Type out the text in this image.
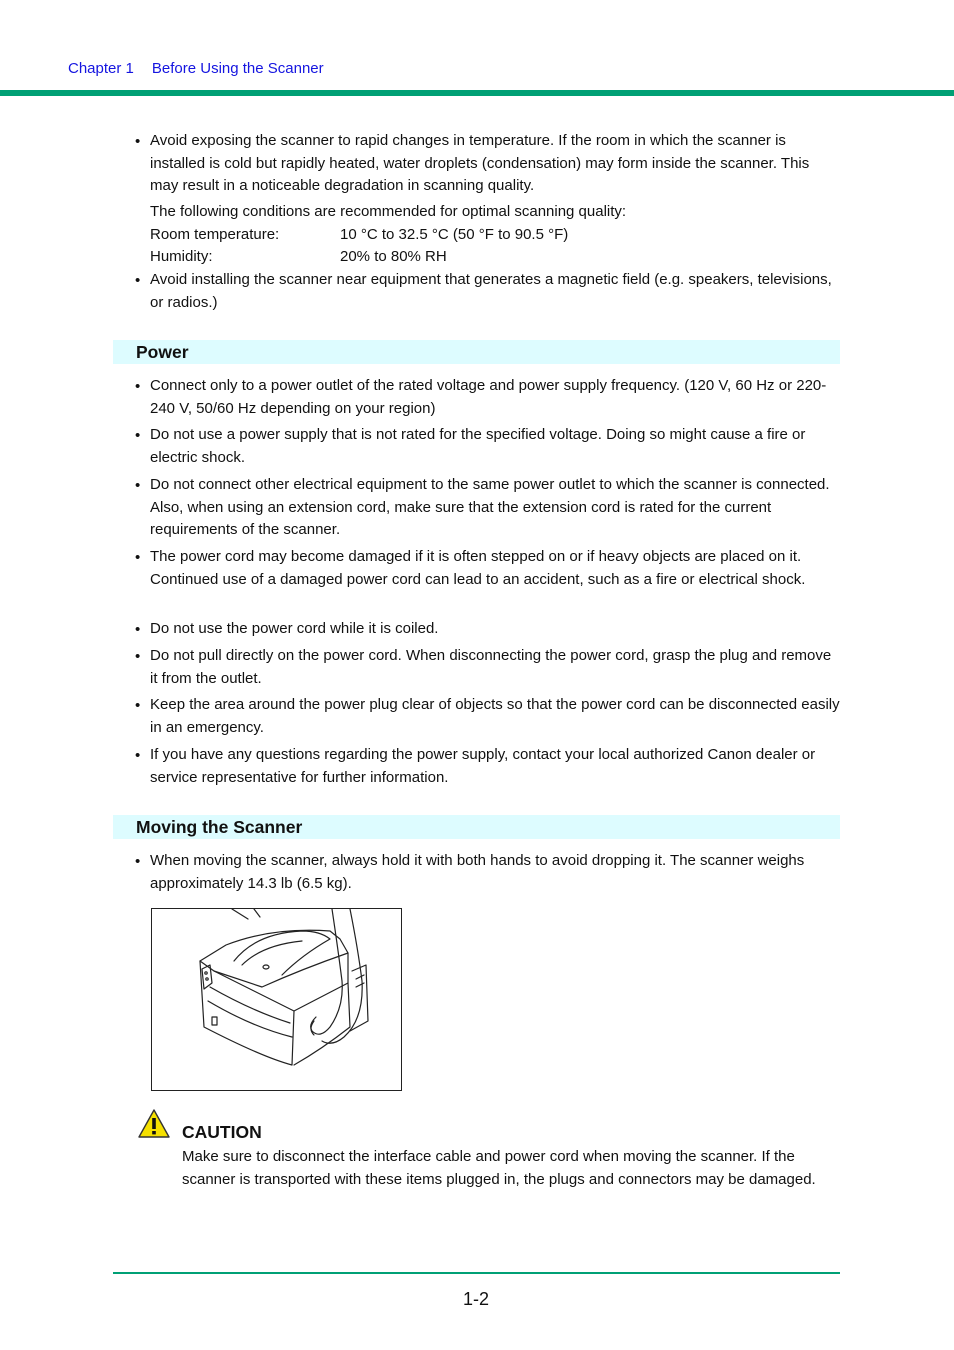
Chapter 1 Before Using the Scanner
• Avoid exposing the scanner to rapid changes in temperature. If the room in which the scanner is installed is cold but rapidly heated, water droplets (condensation) may form inside the scanner. This may result in a noticeable degradation in scanning quality.
The following conditions are recommended for optimal scanning quality:
Room temperature:	10 °C to 32.5 °C (50 °F to 90.5 °F)
Humidity:	20% to 80% RH
• Avoid installing the scanner near equipment that generates a magnetic field (e.g. speakers, televisions, or radios.)
Power
• Connect only to a power outlet of the rated voltage and power supply frequency. (120 V, 60 Hz or 220-240 V, 50/60 Hz depending on your region)
• Do not use a power supply that is not rated for the specified voltage. Doing so might cause a fire or electric shock.
• Do not connect other electrical equipment to the same power outlet to which the scanner is connected. Also, when using an extension cord, make sure that the extension cord is rated for the current requirements of the scanner.
• The power cord may become damaged if it is often stepped on or if heavy objects are placed on it. Continued use of a damaged power cord can lead to an accident, such as a fire or electrical shock.
• Do not use the power cord while it is coiled.
• Do not pull directly on the power cord. When disconnecting the power cord, grasp the plug and remove it from the outlet.
• Keep the area around the power plug clear of objects so that the power cord can be disconnected easily in an emergency.
• If you have any questions regarding the power supply, contact your local authorized Canon dealer or service representative for further information.
Moving the Scanner
• When moving the scanner, always hold it with both hands to avoid dropping it. The scanner weighs approximately 14.3 lb (6.5 kg).
CAUTION
Make sure to disconnect the interface cable and power cord when moving the scanner. If the scanner is transported with these items plugged in, the plugs and connectors may be damaged.
1-2
